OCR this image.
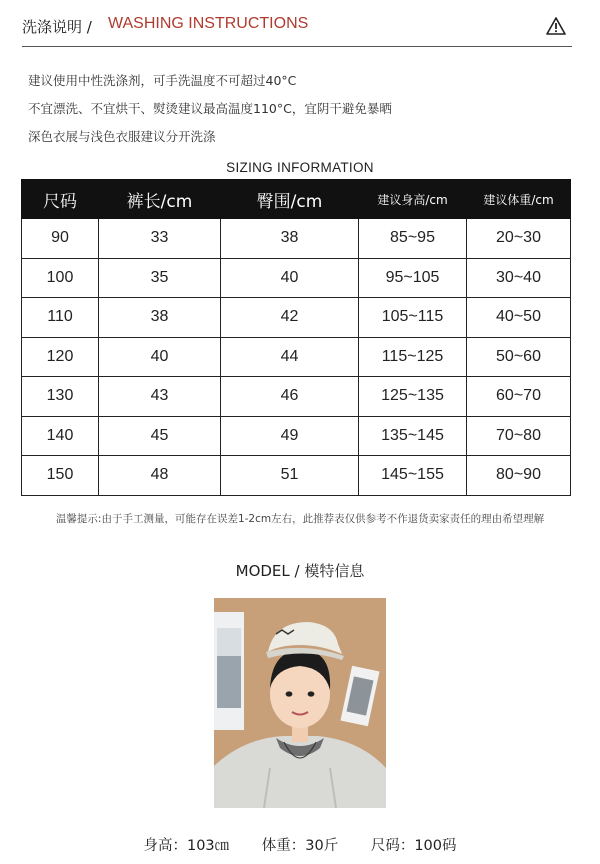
洗涤说明 / WASHING INSTRUCTIONS
建议使用中性洗涤剂，可手洗温度不可超过40°C
不宜漂洗、不宜烘干、熨烫建议最高温度110°C，宜阴干避免暴晒
深色衣展与浅色衣服建议分开洗涤
SIZING INFORMATION
尺码	裤长/cm	臀围/cm	建议身高/cm	建议体重/cm
90	33	38	85~95	20~30
100	35	40	95~105	30~40
110	38	42	105~115	40~50
120	40	44	115~125	50~60
130	43	46	125~135	60~70
140	45	49	135~145	70~80
150	48	51	145~155	80~90
温馨提示:由于手工测量，可能存在误差1-2cm左右，此推荐表仅供参考不作退货卖家责任的理由希望理解
MODEL / 模特信息
身高：103㎝ 体重：30斤 尺码：100码
